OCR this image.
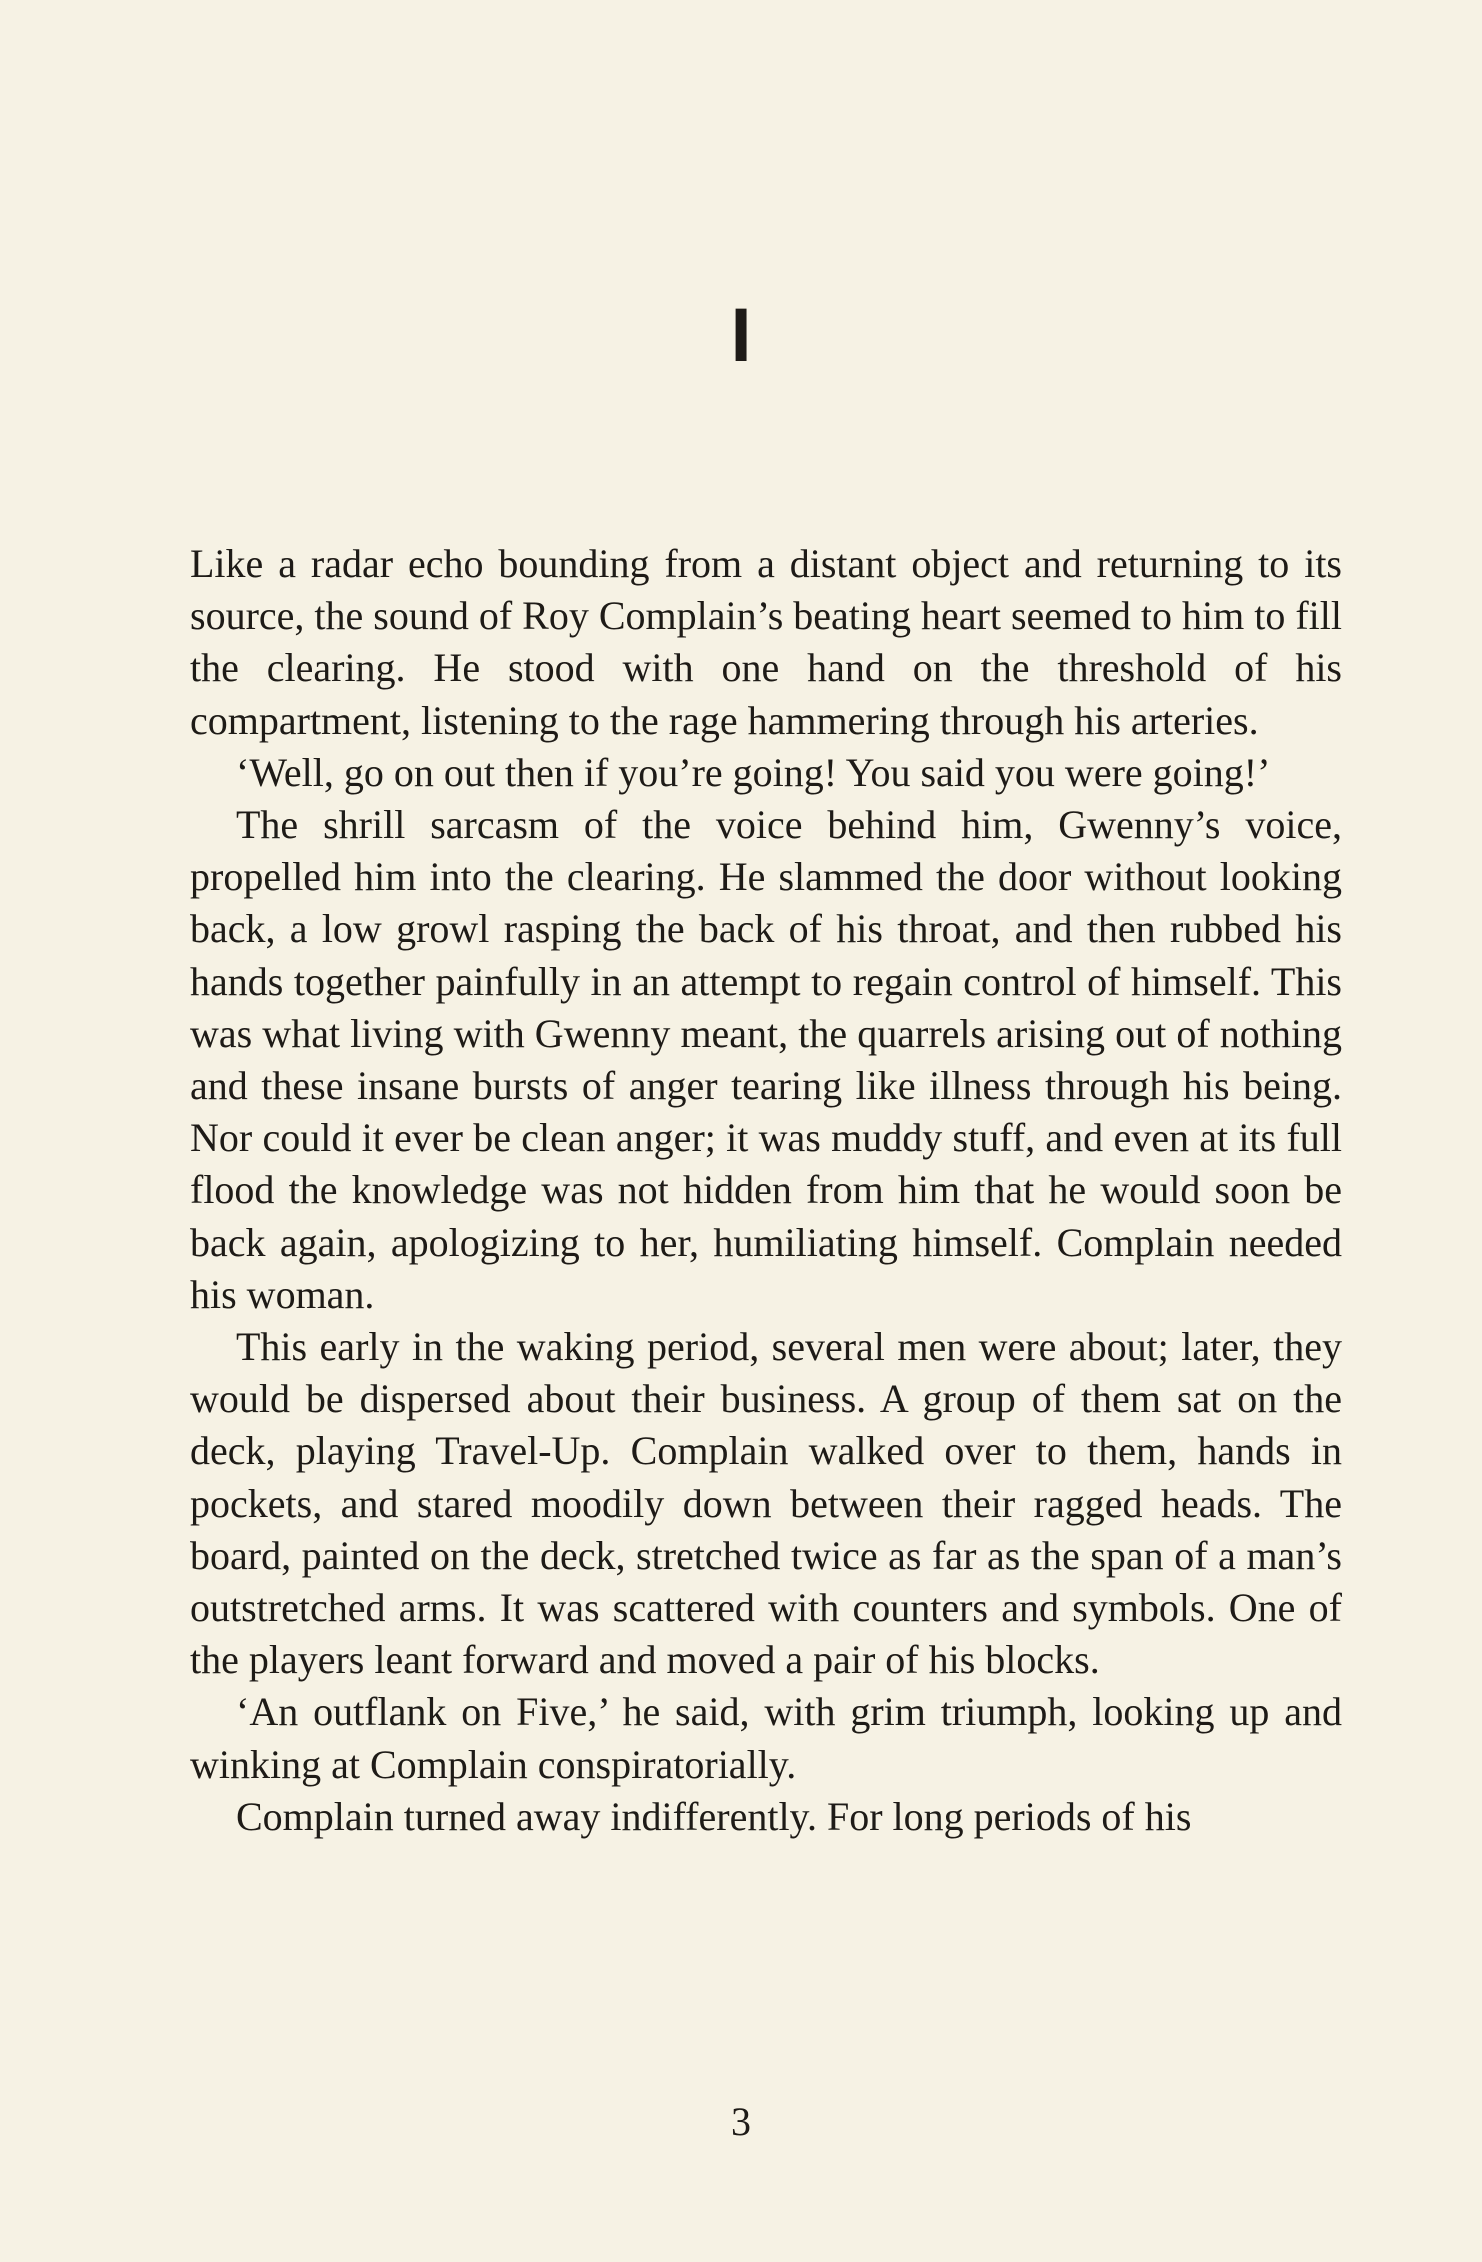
I

Like a radar echo bounding from a distant object and returning to its source, the sound of Roy Complain’s beating heart seemed to him to fill the clearing. He stood with one hand on the threshold of his compartment, listening to the rage hammering through his arteries.

‘Well, go on out then if you’re going! You said you were going!’

The shrill sarcasm of the voice behind him, Gwenny’s voice, propelled him into the clearing. He slammed the door without looking back, a low growl rasping the back of his throat, and then rubbed his hands together painfully in an attempt to regain control of himself. This was what living with Gwenny meant, the quarrels arising out of nothing and these insane bursts of anger tearing like illness through his being. Nor could it ever be clean anger; it was muddy stuff, and even at its full flood the knowledge was not hidden from him that he would soon be back again, apologizing to her, humiliating himself. Complain needed his woman.

This early in the waking period, several men were about; later, they would be dispersed about their business. A group of them sat on the deck, playing Travel-Up. Complain walked over to them, hands in pockets, and stared moodily down between their ragged heads. The board, painted on the deck, stretched twice as far as the span of a man’s outstretched arms. It was scattered with counters and symbols. One of the players leant forward and moved a pair of his blocks.

‘An outflank on Five,’ he said, with grim triumph, looking up and winking at Complain conspiratorially.

Complain turned away indifferently. For long periods of his

3
